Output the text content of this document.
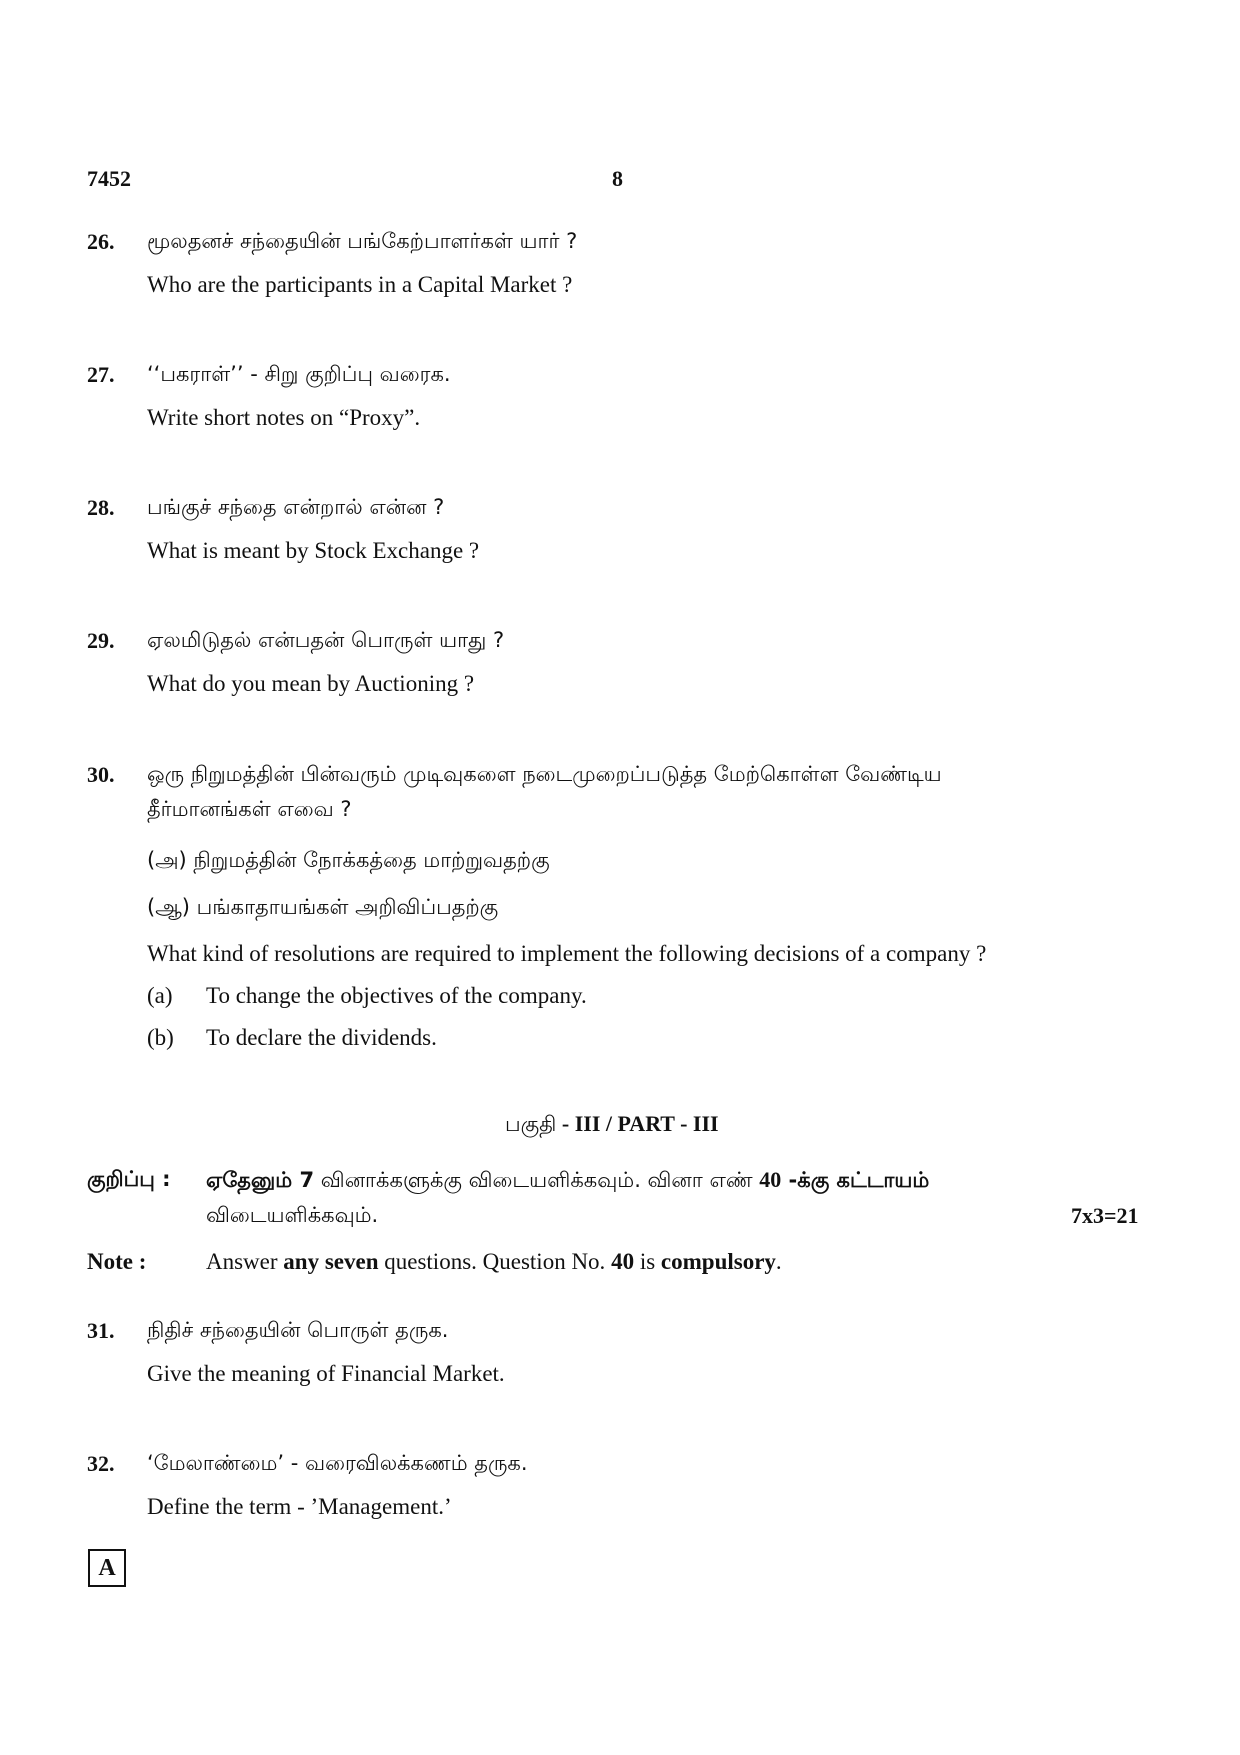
7452	8
26. மூலதனச் சந்தையின் பங்கேற்பாளர்கள் யார் ?
Who are the participants in a Capital Market ?
27. ‘‘பகராள்’’ - சிறு குறிப்பு வரைக.
Write short notes on “Proxy”.
28. பங்குச் சந்தை என்றால் என்ன ?
What is meant by Stock Exchange ?
29. ஏலமிடுதல் என்பதன் பொருள் யாது ?
What do you mean by Auctioning ?
30. ஒரு நிறுமத்தின் பின்வரும் முடிவுகளை நடைமுறைப்படுத்த மேற்கொள்ள வேண்டிய
தீர்மானங்கள் எவை ?
(அ) நிறுமத்தின் நோக்கத்தை மாற்றுவதற்கு
(ஆ) பங்காதாயங்கள் அறிவிப்பதற்கு
What kind of resolutions are required to implement the following decisions of a company ?
(a) To change the objectives of the company.
(b) To declare the dividends.
பகுதி - III / PART - III
குறிப்பு : ஏதேனும் 7 வினாக்களுக்கு விடையளிக்கவும். வினா எண் 40 -க்கு கட்டாயம்
விடையளிக்கவும்.	7x3=21
Note :	Answer any seven questions. Question No. 40 is compulsory.
31. நிதிச் சந்தையின் பொருள் தருக.
Give the meaning of Financial Market.
32. ‘மேலாண்மை’ - வரைவிலக்கணம் தருக.
Define the term - ’Management.’
A
